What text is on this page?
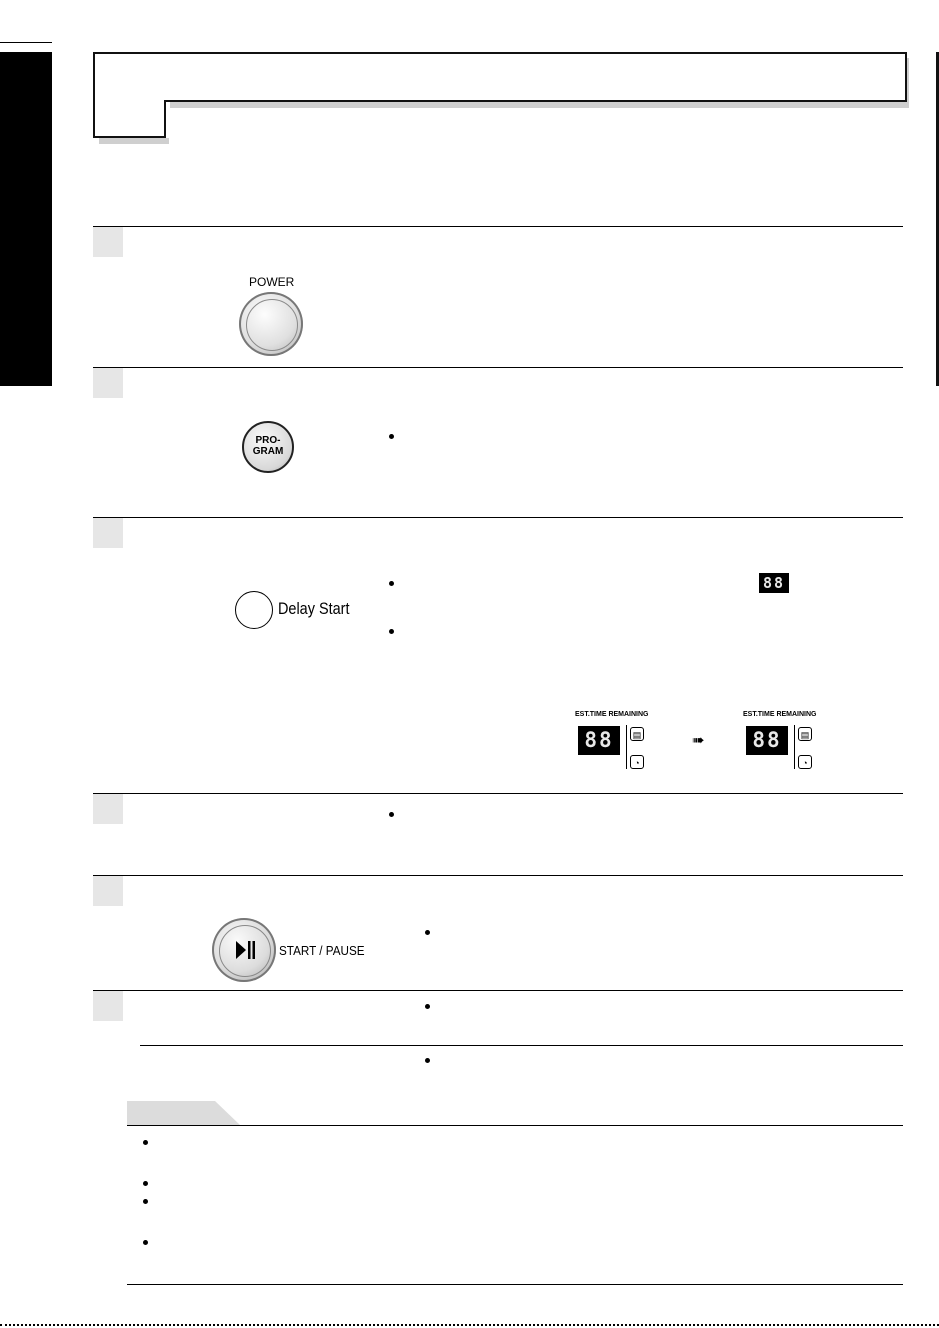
POWER
PRO-
GRAM
Delay Start
88
EST.TIME REMAINING
88	▤
◔
➠
EST.TIME REMAINING
88	▤
◔
START / PAUSE
